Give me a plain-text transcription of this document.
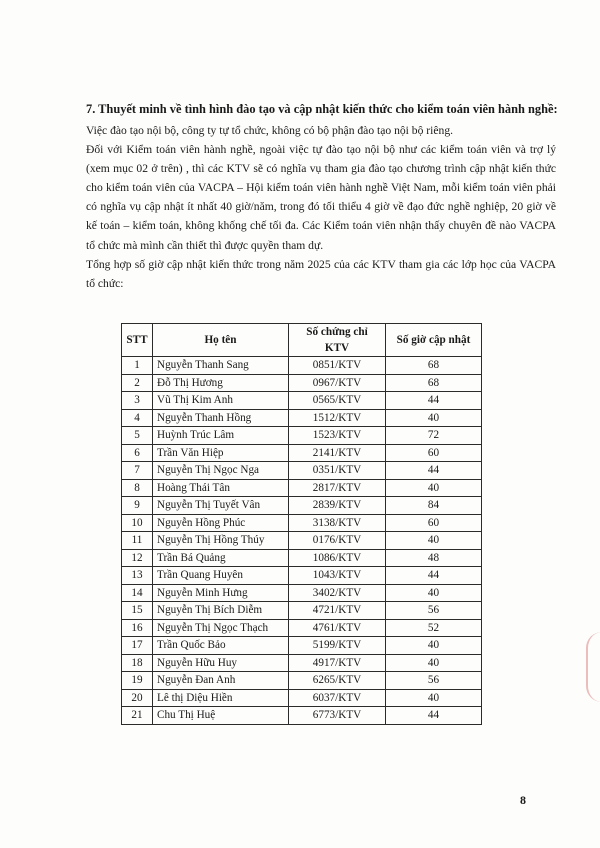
7. Thuyết minh về tình hình đào tạo và cập nhật kiến thức cho kiểm toán viên hành nghề:

Việc đào tạo nội bộ, công ty tự tổ chức, không có bộ phận đào tạo nội bộ riêng.

Đối với Kiểm toán viên hành nghề, ngoài việc tự đào tạo nội bộ như các kiểm toán viên và trợ lý (xem mục 02 ở trên) , thì các KTV sẽ có nghĩa vụ tham gia đào tạo chương trình cập nhật kiến thức cho kiểm toán viên của VACPA – Hội kiểm toán viên hành nghề Việt Nam, mỗi kiểm toán viên phải có nghĩa vụ cập nhật ít nhất 40 giờ/năm, trong đó tối thiểu 4 giờ về đạo đức nghề nghiệp, 20 giờ về kế toán – kiểm toán, không khống chế tối đa. Các Kiểm toán viên nhận thấy chuyên đề nào VACPA tổ chức mà mình cần thiết thì được quyền tham dự.

Tổng hợp số giờ cập nhật kiến thức trong năm 2025 của các KTV tham gia các lớp học của VACPA tổ chức:

STT	Họ tên	Số chứng chỉ KTV	Số giờ cập nhật
1	Nguyễn Thanh Sang	0851/KTV	68
2	Đỗ Thị Hương	0967/KTV	68
3	Vũ Thị Kim Anh	0565/KTV	44
4	Nguyễn Thanh Hồng	1512/KTV	40
5	Huỳnh Trúc Lâm	1523/KTV	72
6	Trần Văn Hiệp	2141/KTV	60
7	Nguyễn Thị Ngọc Nga	0351/KTV	44
8	Hoàng Thái Tân	2817/KTV	40
9	Nguyễn Thị Tuyết Vân	2839/KTV	84
10	Nguyễn Hồng Phúc	3138/KTV	60
11	Nguyễn Thị Hồng Thúy	0176/KTV	40
12	Trần Bá Quảng	1086/KTV	48
13	Trần Quang Huyên	1043/KTV	44
14	Nguyễn Minh Hưng	3402/KTV	40
15	Nguyễn Thị Bích Diễm	4721/KTV	56
16	Nguyễn Thị Ngọc Thạch	4761/KTV	52
17	Trần Quốc Bảo	5199/KTV	40
18	Nguyễn Hữu Huy	4917/KTV	40
19	Nguyễn Đan Anh	6265/KTV	56
20	Lê thị Diệu Hiền	6037/KTV	40
21	Chu Thị Huệ	6773/KTV	44
8
